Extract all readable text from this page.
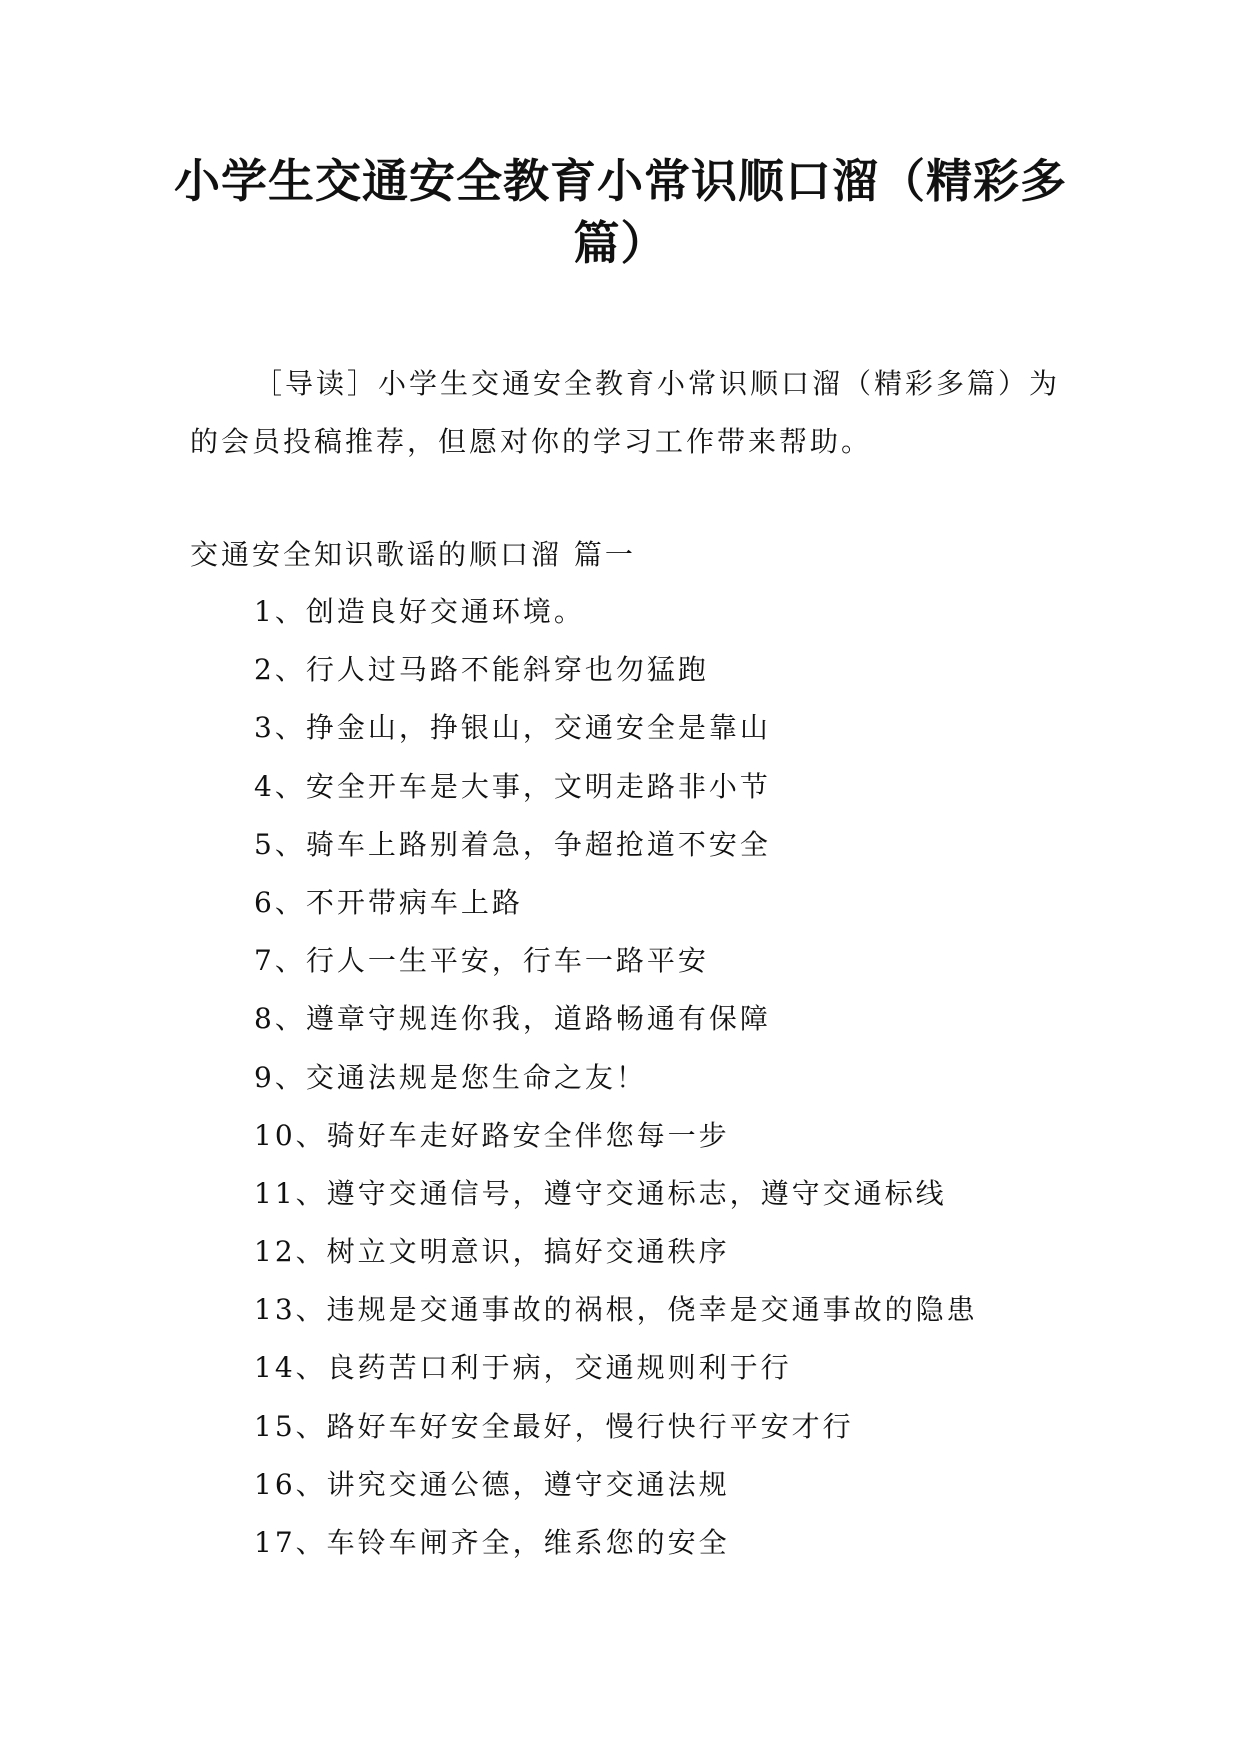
小学生交通安全教育小常识顺口溜（精彩多篇）

［导读］小学生交通安全教育小常识顺口溜（精彩多篇）为的会员投稿推荐，但愿对你的学习工作带来帮助。

交通安全知识歌谣的顺口溜 篇一

1、创造良好交通环境。
2、行人过马路不能斜穿也勿猛跑
3、挣金山，挣银山，交通安全是靠山
4、安全开车是大事，文明走路非小节
5、骑车上路别着急，争超抢道不安全
6、不开带病车上路
7、行人一生平安，行车一路平安
8、遵章守规连你我，道路畅通有保障
9、交通法规是您生命之友！
10、骑好车走好路安全伴您每一步
11、遵守交通信号，遵守交通标志，遵守交通标线
12、树立文明意识，搞好交通秩序
13、违规是交通事故的祸根，侥幸是交通事故的隐患
14、良药苦口利于病，交通规则利于行
15、路好车好安全最好，慢行快行平安才行
16、讲究交通公德，遵守交通法规
17、车铃车闸齐全，维系您的安全
